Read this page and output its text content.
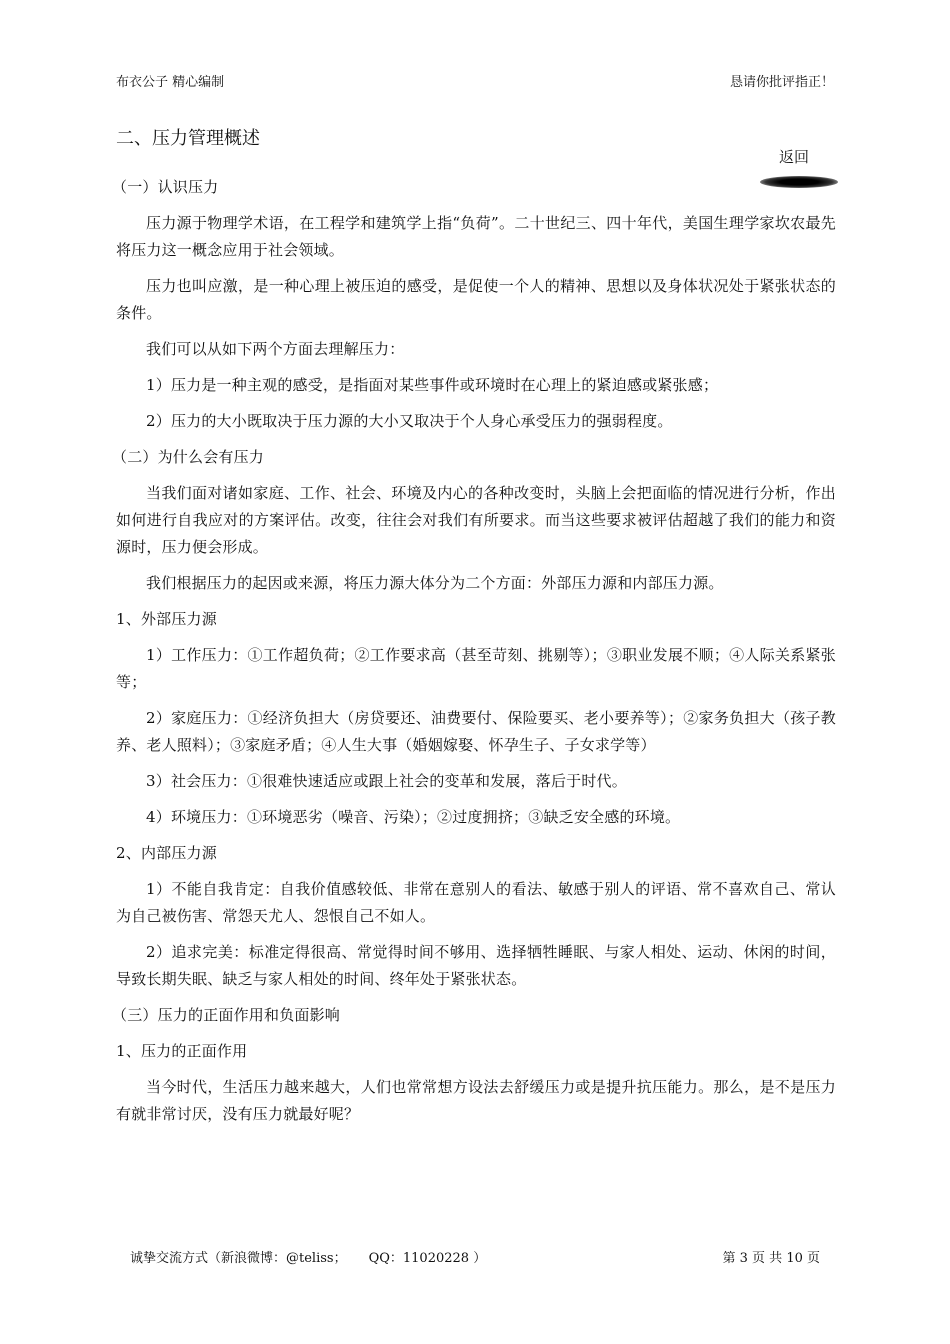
布衣公子 精心编制	恳请你批评指正！
二、压力管理概述
返回

（一）认识压力

压力源于物理学术语，在工程学和建筑学上指“负荷”。二十世纪三、四十年代，美国生理学家坎农最先将压力这一概念应用于社会领域。

压力也叫应激，是一种心理上被压迫的感受，是促使一个人的精神、思想以及身体状况处于紧张状态的条件。

我们可以从如下两个方面去理解压力：

1）压力是一种主观的感受，是指面对某些事件或环境时在心理上的紧迫感或紧张感；

2）压力的大小既取决于压力源的大小又取决于个人身心承受压力的强弱程度。

（二）为什么会有压力

当我们面对诸如家庭、工作、社会、环境及内心的各种改变时，头脑上会把面临的情况进行分析，作出如何进行自我应对的方案评估。改变，往往会对我们有所要求。而当这些要求被评估超越了我们的能力和资源时，压力便会形成。

我们根据压力的起因或来源，将压力源大体分为二个方面：外部压力源和内部压力源。

1、外部压力源

1）工作压力：①工作超负荷；②工作要求高（甚至苛刻、挑剔等）；③职业发展不顺；④人际关系紧张等；

2）家庭压力：①经济负担大（房贷要还、油费要付、保险要买、老小要养等）；②家务负担大（孩子教养、老人照料）；③家庭矛盾；④人生大事（婚姻嫁娶、怀孕生子、子女求学等）

3）社会压力：①很难快速适应或跟上社会的变革和发展，落后于时代。

4）环境压力：①环境恶劣（噪音、污染）；②过度拥挤；③缺乏安全感的环境。

2、内部压力源

1）不能自我肯定：自我价值感较低、非常在意别人的看法、敏感于别人的评语、常不喜欢自己、常认为自己被伤害、常怨天尤人、怨恨自己不如人。

2）追求完美：标准定得很高、常觉得时间不够用、选择牺牲睡眠、与家人相处、运动、休闲的时间，导致长期失眠、缺乏与家人相处的时间、终年处于紧张状态。

（三）压力的正面作用和负面影响

1、压力的正面作用

当今时代，生活压力越来越大，人们也常常想方设法去舒缓压力或是提升抗压能力。那么，是不是压力有就非常讨厌，没有压力就最好呢？

诚挚交流方式（新浪微博：@teliss； QQ：11020228 ）	第 3 页 共 10 页
